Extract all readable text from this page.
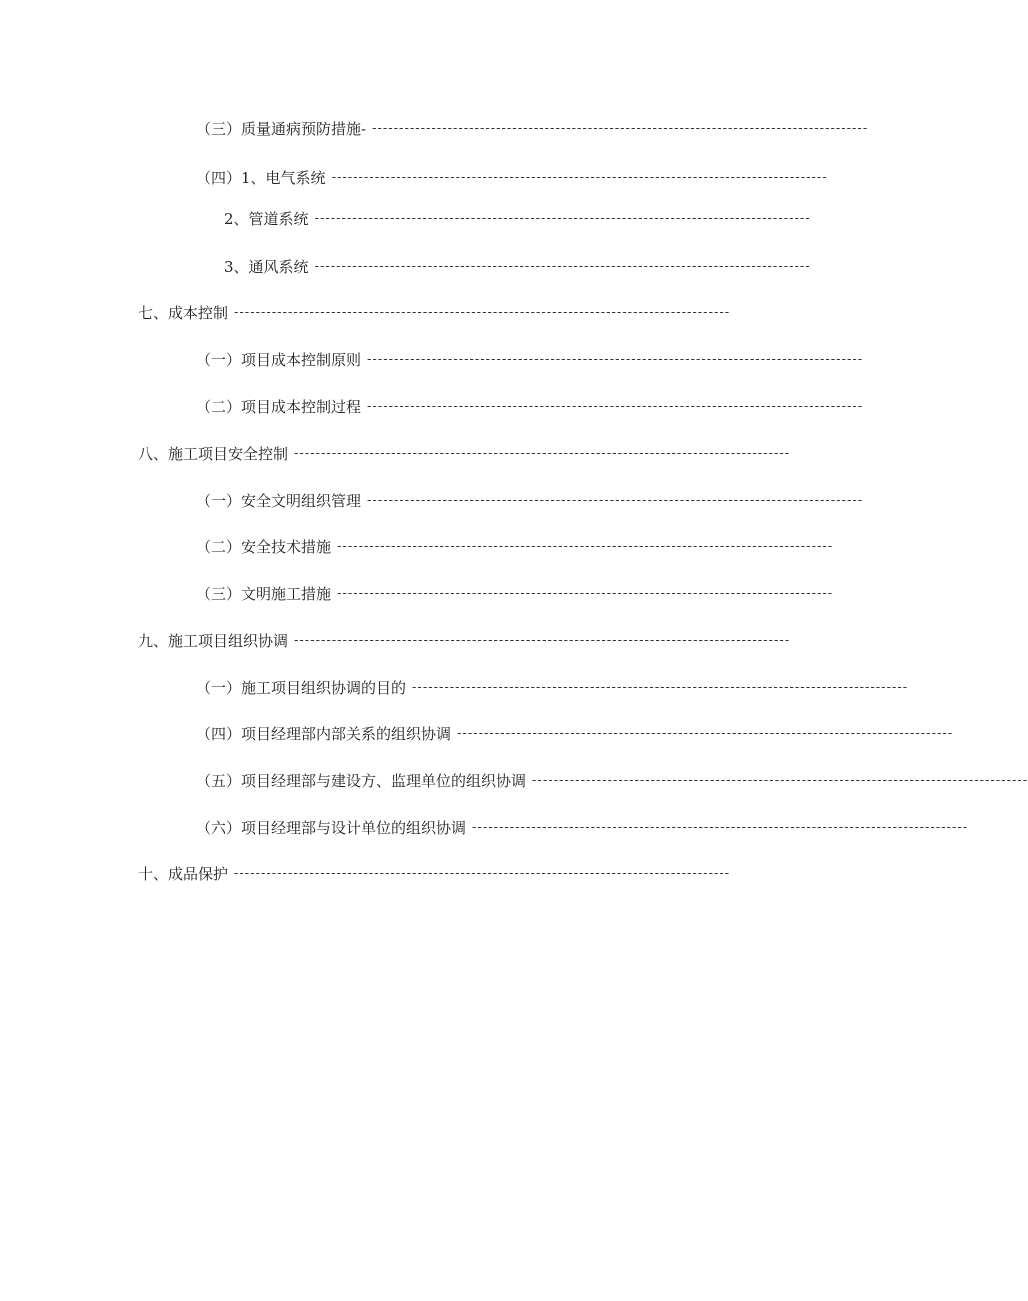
（三） 质量通病预防措施- --------------------------------------------------------------------------------------------
（四） 1、电气系统 --------------------------------------------------------------------------------------------
2、管道系统 --------------------------------------------------------------------------------------------
3、通风系统 --------------------------------------------------------------------------------------------
七、成本控制 --------------------------------------------------------------------------------------------
（一） 项目成本控制原则 --------------------------------------------------------------------------------------------
（二） 项目成本控制过程 --------------------------------------------------------------------------------------------
八、施工项目安全控制 --------------------------------------------------------------------------------------------
（一） 安全文明组织管理 --------------------------------------------------------------------------------------------
（二） 安全技术措施 --------------------------------------------------------------------------------------------
（三） 文明施工措施 --------------------------------------------------------------------------------------------
九、施工项目组织协调 --------------------------------------------------------------------------------------------
（一） 施工项目组织协调的目的 --------------------------------------------------------------------------------------------
（四） 项目经理部内部关系的组织协调 --------------------------------------------------------------------------------------------
（五） 项目经理部与建设方、监理单位的组织协调 --------------------------------------------------------------------------------------------
（六） 项目经理部与设计单位的组织协调 --------------------------------------------------------------------------------------------
十、成品保护 --------------------------------------------------------------------------------------------
